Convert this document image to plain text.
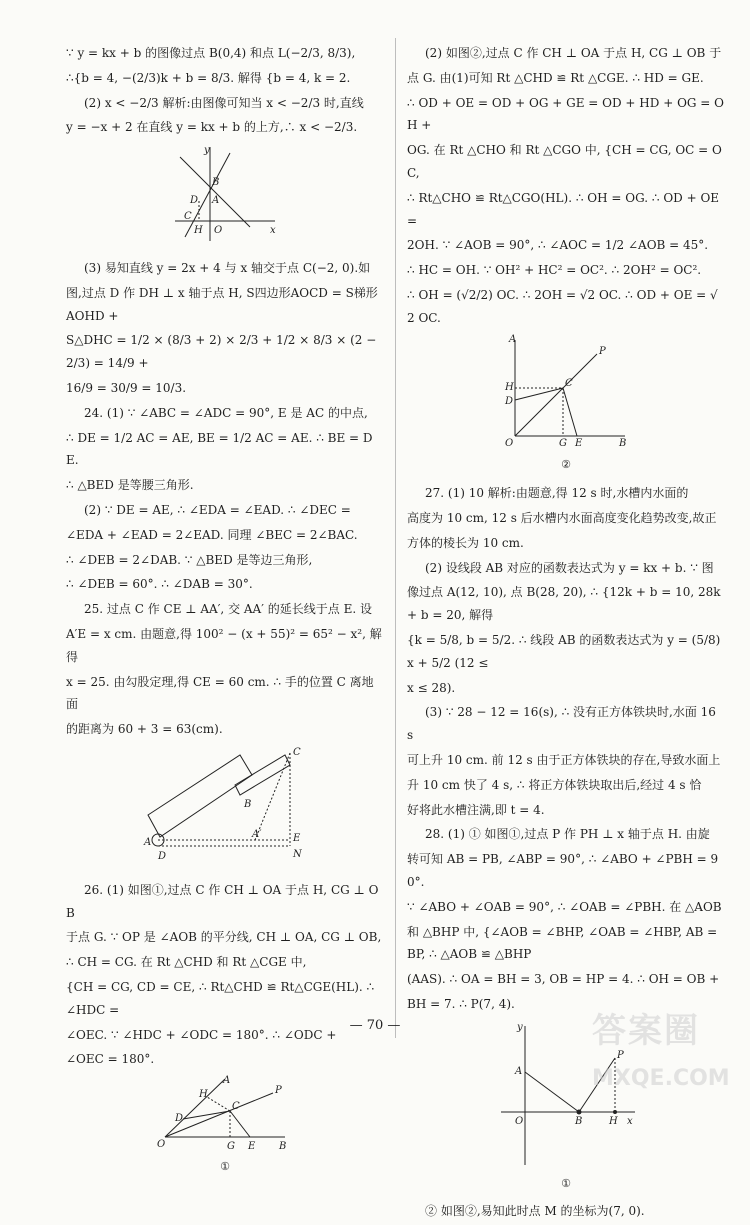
∵ y = kx + b 的图像过点 B(0,4) 和点 L(−2/3, 8/3),

∴{b = 4, −(2/3)k + b = 8/3. 解得 {b = 4, k = 2.

(2) x < −2/3 解析:由图像可知当 x < −2/3 时,直线

y = −x + 2 在直线 y = kx + b 的上方,∴ x < −2/3.

y
B
A
D
C
H O	x

(3) 易知直线 y = 2x + 4 与 x 轴交于点 C(−2, 0).如

图,过点 D 作 DH ⊥ x 轴于点 H, S四边形AOCD = S梯形AOHD +

S△DHC = 1/2 × (8/3 + 2) × 2/3 + 1/2 × 8/3 × (2 − 2/3) = 14/9 +

16/9 = 30/9 = 10/3.

24. (1) ∵ ∠ABC = ∠ADC = 90°, E 是 AC 的中点,

∴ DE = 1/2 AC = AE, BE = 1/2 AC = AE. ∴ BE = DE.

∴ △BED 是等腰三角形.

(2) ∵ DE = AE, ∴ ∠EDA = ∠EAD. ∴ ∠DEC =

∠EDA + ∠EAD = 2∠EAD. 同理 ∠BEC = 2∠BAC.

∴ ∠DEB = 2∠DAB. ∵ △BED 是等边三角形,

∴ ∠DEB = 60°. ∴ ∠DAB = 30°.

25. 过点 C 作 CE ⊥ AA′, 交 AA′ 的延长线于点 E. 设

A′E = x cm. 由题意,得 100² − (x + 55)² = 65² − x², 解得

x = 25. 由勾股定理,得 CE = 60 cm. ∴ 手的位置 C 离地面

的距离为 60 + 3 = 63(cm).

C
B
A′	E
N
A
D

26. (1) 如图①,过点 C 作 CH ⊥ OA 于点 H, CG ⊥ OB

于点 G. ∵ OP 是 ∠AOB 的平分线, CH ⊥ OA, CG ⊥ OB,

∴ CH = CG. 在 Rt △CHD 和 Rt △CGE 中,

{CH = CG, CD = CE, ∴ Rt△CHD ≌ Rt△CGE(HL). ∴ ∠HDC =

∠OEC. ∵ ∠HDC + ∠ODC = 180°. ∴ ∠ODC +

∠OEC = 180°.

A
H
C
P
D
O	G E B
①

(2) 如图②,过点 C 作 CH ⊥ OA 于点 H, CG ⊥ OB 于

点 G. 由(1)可知 Rt △CHD ≌ Rt △CGE. ∴ HD = GE.

∴ OD + OE = OD + OG + GE = OD + HD + OG = OH +

OG. 在 Rt △CHO 和 Rt △CGO 中, {CH = CG, OC = OC,

∴ Rt△CHO ≌ Rt△CGO(HL). ∴ OH = OG. ∴ OD + OE =

2OH. ∵ ∠AOB = 90°, ∴ ∠AOC = 1/2 ∠AOB = 45°.

∴ HC = OH. ∵ OH² + HC² = OC². ∴ 2OH² = OC².

∴ OH = (√2/2) OC. ∴ 2OH = √2 OC. ∴ OD + OE = √2 OC.

A
P
H	C
D
O	G E	B
②

27. (1) 10 解析:由题意,得 12 s 时,水槽内水面的

高度为 10 cm, 12 s 后水槽内水面高度变化趋势改变,故正

方体的棱长为 10 cm.

(2) 设线段 AB 对应的函数表达式为 y = kx + b. ∵ 图

像过点 A(12, 10), 点 B(28, 20), ∴ {12k + b = 10, 28k + b = 20, 解得

{k = 5/8, b = 5/2. ∴ 线段 AB 的函数表达式为 y = (5/8)x + 5/2 (12 ≤

x ≤ 28).

(3) ∵ 28 − 12 = 16(s), ∴ 没有正方体铁块时,水面 16 s

可上升 10 cm. 前 12 s 由于正方体铁块的存在,导致水面上

升 10 cm 快了 4 s, ∴ 将正方体铁块取出后,经过 4 s 恰

好将此水槽注满,即 t = 4.

28. (1) ① 如图①,过点 P 作 PH ⊥ x 轴于点 H. 由旋

转可知 AB = PB, ∠ABP = 90°, ∴ ∠ABO + ∠PBH = 90°.

∵ ∠ABO + ∠OAB = 90°, ∴ ∠OAB = ∠PBH. 在 △AOB

和 △BHP 中, {∠AOB = ∠BHP, ∠OAB = ∠HBP, AB = BP, ∴ △AOB ≌ △BHP

(AAS). ∴ OA = BH = 3, OB = HP = 4. ∴ OH = OB +

BH = 7. ∴ P(7, 4).

y
A
P
O	B	H x
①

② 如图②,易知此时点 M 的坐标为(7, 0).

— 70 —	答案圈
MXQE.COM
